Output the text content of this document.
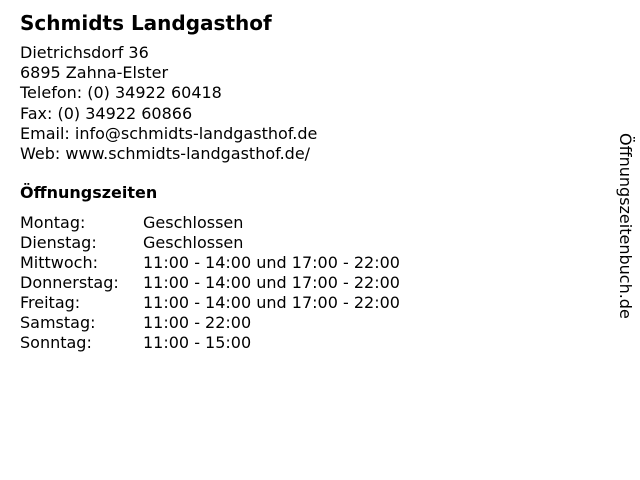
Schmidts Landgasthof
Dietrichsdorf 36
6895 Zahna-Elster
Telefon: (0) 34922 60418
Fax: (0) 34922 60866
Email: info@schmidts-landgasthof.de
Web: www.schmidts-landgasthof.de/
Öffnungszeiten
Montag:	Geschlossen
Dienstag:	Geschlossen
Mittwoch:	11:00 - 14:00 und 17:00 - 22:00
Donnerstag:	11:00 - 14:00 und 17:00 - 22:00
Freitag:	11:00 - 14:00 und 17:00 - 22:00
Samstag:	11:00 - 22:00
Sonntag:	11:00 - 15:00
Öffnungszeitenbuch.de
